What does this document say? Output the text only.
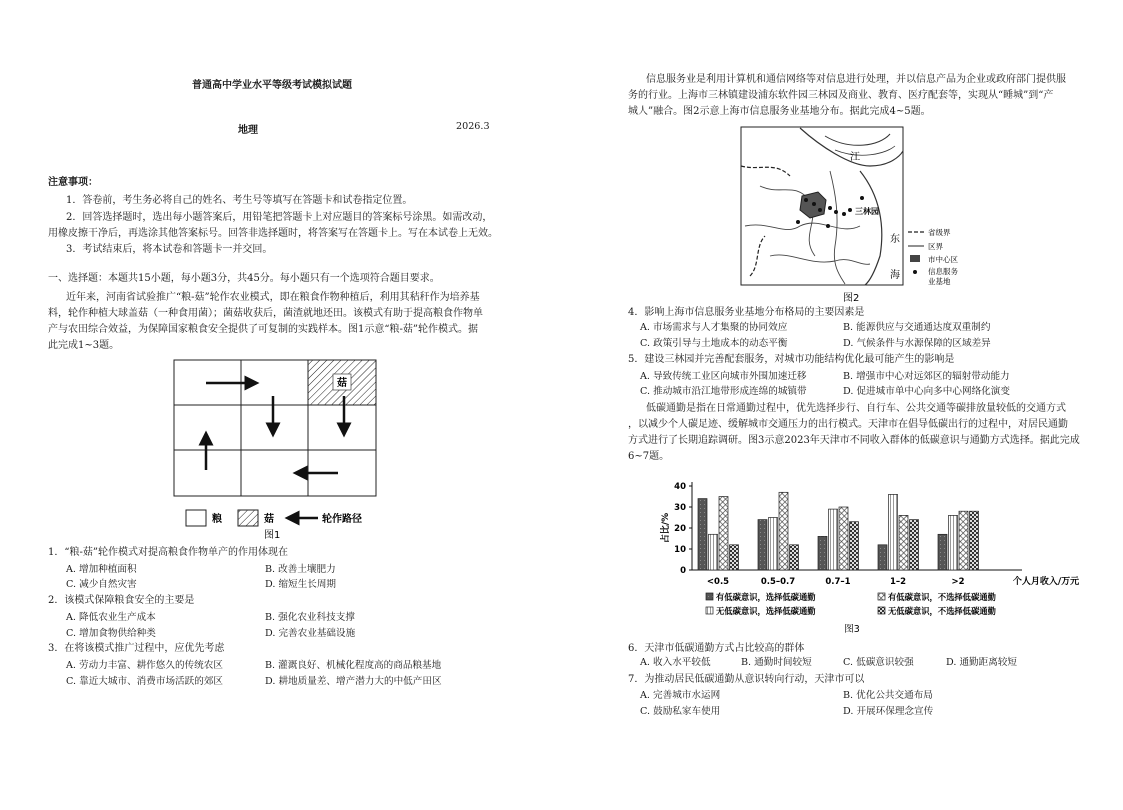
普通高中学业水平等级考试模拟试题
地理	2026.3
注意事项：
1．答卷前，考生务必将自己的姓名、考生号等填写在答题卡和试卷指定位置。
2．回答选择题时，选出每小题答案后，用铅笔把答题卡上对应题目的答案标号涂黑。如需改动，
用橡皮擦干净后，再选涂其他答案标号。回答非选择题时，将答案写在答题卡上。写在本试卷上无效。
3．考试结束后，将本试卷和答题卡一并交回。
一、选择题：本题共15小题，每小题3分，共45分。每小题只有一个选项符合题目要求。
近年来，河南省试验推广“粮-菇”轮作农业模式，即在粮食作物种植后，利用其秸秆作为培养基
料，轮作种植大球盖菇（一种食用菌）；菌菇收获后，菌渣就地还田。该模式有助于提高粮食作物单
产与农田综合效益，为保障国家粮食安全提供了可复制的实践样本。图1示意“粮-菇”轮作模式。据
此完成1~3题。
菇
粮	菇	轮作路径
图1
1．“粮-菇”轮作模式对提高粮食作物单产的作用体现在
A. 增加种植面积	B. 改善土壤肥力
C. 减少自然灾害	D. 缩短生长周期
2．该模式保障粮食安全的主要是
A. 降低农业生产成本	B. 强化农业科技支撑
C. 增加食物供给种类	D. 完善农业基础设施
3．在将该模式推广过程中，应优先考虑
A. 劳动力丰富、耕作悠久的传统农区	B. 灌溉良好、机械化程度高的商品粮基地
C. 靠近大城市、消费市场活跃的郊区	D. 耕地质量差、增产潜力大的中低产田区
信息服务业是利用计算机和通信网络等对信息进行处理，并以信息产品为企业或政府部门提供服
务的行业。上海市三林镇建设浦东软件园三林园及商业、教育、医疗配套等，实现从“睡城”到“产
城人”融合。图2示意上海市信息服务业基地分布。据此完成4~5题。
江
三林园
东
海
省级界
区界
市中心区
信息服务
业基地
图2
4．影响上海市信息服务业基地分布格局的主要因素是
A. 市场需求与人才集聚的协同效应	B. 能源供应与交通通达度双重制约
C. 政策引导与土地成本的动态平衡	D. 气候条件与水源保障的区域差异
5．建设三林园并完善配套服务，对城市功能结构优化最可能产生的影响是
A. 导致传统工业区向城市外围加速迁移	B. 增强市中心对远郊区的辐射带动能力
C. 推动城市沿江地带形成连绵的城镇带	D. 促进城市单中心向多中心网络化演变
低碳通勤是指在日常通勤过程中，优先选择步行、自行车、公共交通等碳排放量较低的交通方式
，以减少个人碳足迹、缓解城市交通压力的出行模式。天津市在倡导低碳出行的过程中，对居民通勤
方式进行了长期追踪调研。图3示意2023年天津市不同收入群体的低碳意识与通勤方式选择。据此完成
6~7题。
0
10
20
30
40
占比/%
<0.5	0.5–0.7	0.7–1	1–2	>2	个人月收入/万元
有低碳意识，选择低碳通勤
无低碳意识，选择低碳通勤
有低碳意识，不选择低碳通勤
无低碳意识，不选择低碳通勤
图3
6．天津市低碳通勤方式占比较高的群体
A. 收入水平较低	B. 通勤时间较短	C. 低碳意识较强	D. 通勤距离较短
7．为推动居民低碳通勤从意识转向行动，天津市可以
A. 完善城市水运网	B. 优化公共交通布局
C. 鼓励私家车使用	D. 开展环保理念宣传
